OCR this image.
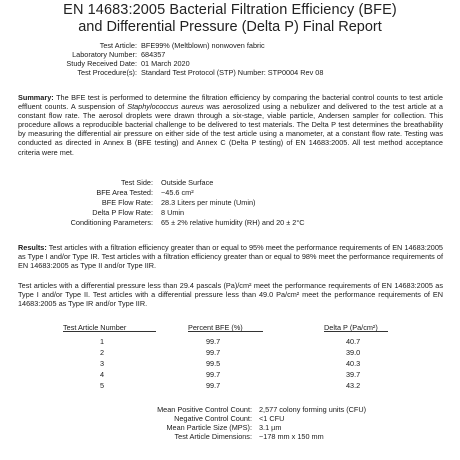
EN 14683:2005 Bacterial Filtration Efficiency (BFE)
and Differential Pressure (Delta P) Final Report
Test Article: BFE99% (Meltblown) nonwoven fabric
Laboratory Number: 684357
Study Received Date: 01 March 2020
Test Procedure(s): Standard Test Protocol (STP) Number: STP0004 Rev 08
Summary: The BFE test is performed to determine the filtration efficiency by comparing the bacterial control counts to test article effluent counts. A suspension of Staphylococcus aureus was aerosolized using a nebulizer and delivered to the test article at a constant flow rate. The aerosol droplets were drawn through a six-stage, viable particle, Andersen sampler for collection. This procedure allows a reproducible bacterial challenge to be delivered to test materials. The Delta P test determines the breathability by measuring the differential air pressure on either side of the test article using a manometer, at a constant flow rate. Testing was conducted as directed in Annex B (BFE testing) and Annex C (Delta P testing) of EN 14683:2005. All test method acceptance criteria were met.
Test Side: Outside Surface
BFE Area Tested: ~45.6 cm²
BFE Flow Rate: 28.3 Liters per minute (Umin)
Delta P Flow Rate: 8 Umin
Conditioning Parameters: 65 ± 2% relative humidity (RH) and 20 ± 2°C
Results: Test articles with a filtration efficiency greater than or equal to 95% meet the performance requirements of EN 14683:2005 as Type I and/or Type IR. Test articles with a filtration efficiency greater than or equal to 98% meet the performance requirements of EN 14683:2005 as Type II and/or Type IIR.
Test articles with a differential pressure less than 29.4 pascals (Pa)/cm² meet the performance requirements of EN 14683:2005 as Type I and/or Type II. Test articles with a differential pressure less than 49.0 Pa/cm² meet the performance requirements of EN 14683:2005 as Type IR and/or Type IIR.
Test Article Number	Percent BFE (%)	Delta P (Pa/cm²)
1	99.7	40.7
2	99.7	39.0
3	99.5	40.3
4	99.7	39.7
5	99.7	43.2
Mean Positive Control Count: 2,577 colony forming units (CFU)
Negative Control Count: <1 CFU
Mean Particle Size (MPS): 3.1 µm
Test Article Dimensions: ~178 mm x 150 mm
